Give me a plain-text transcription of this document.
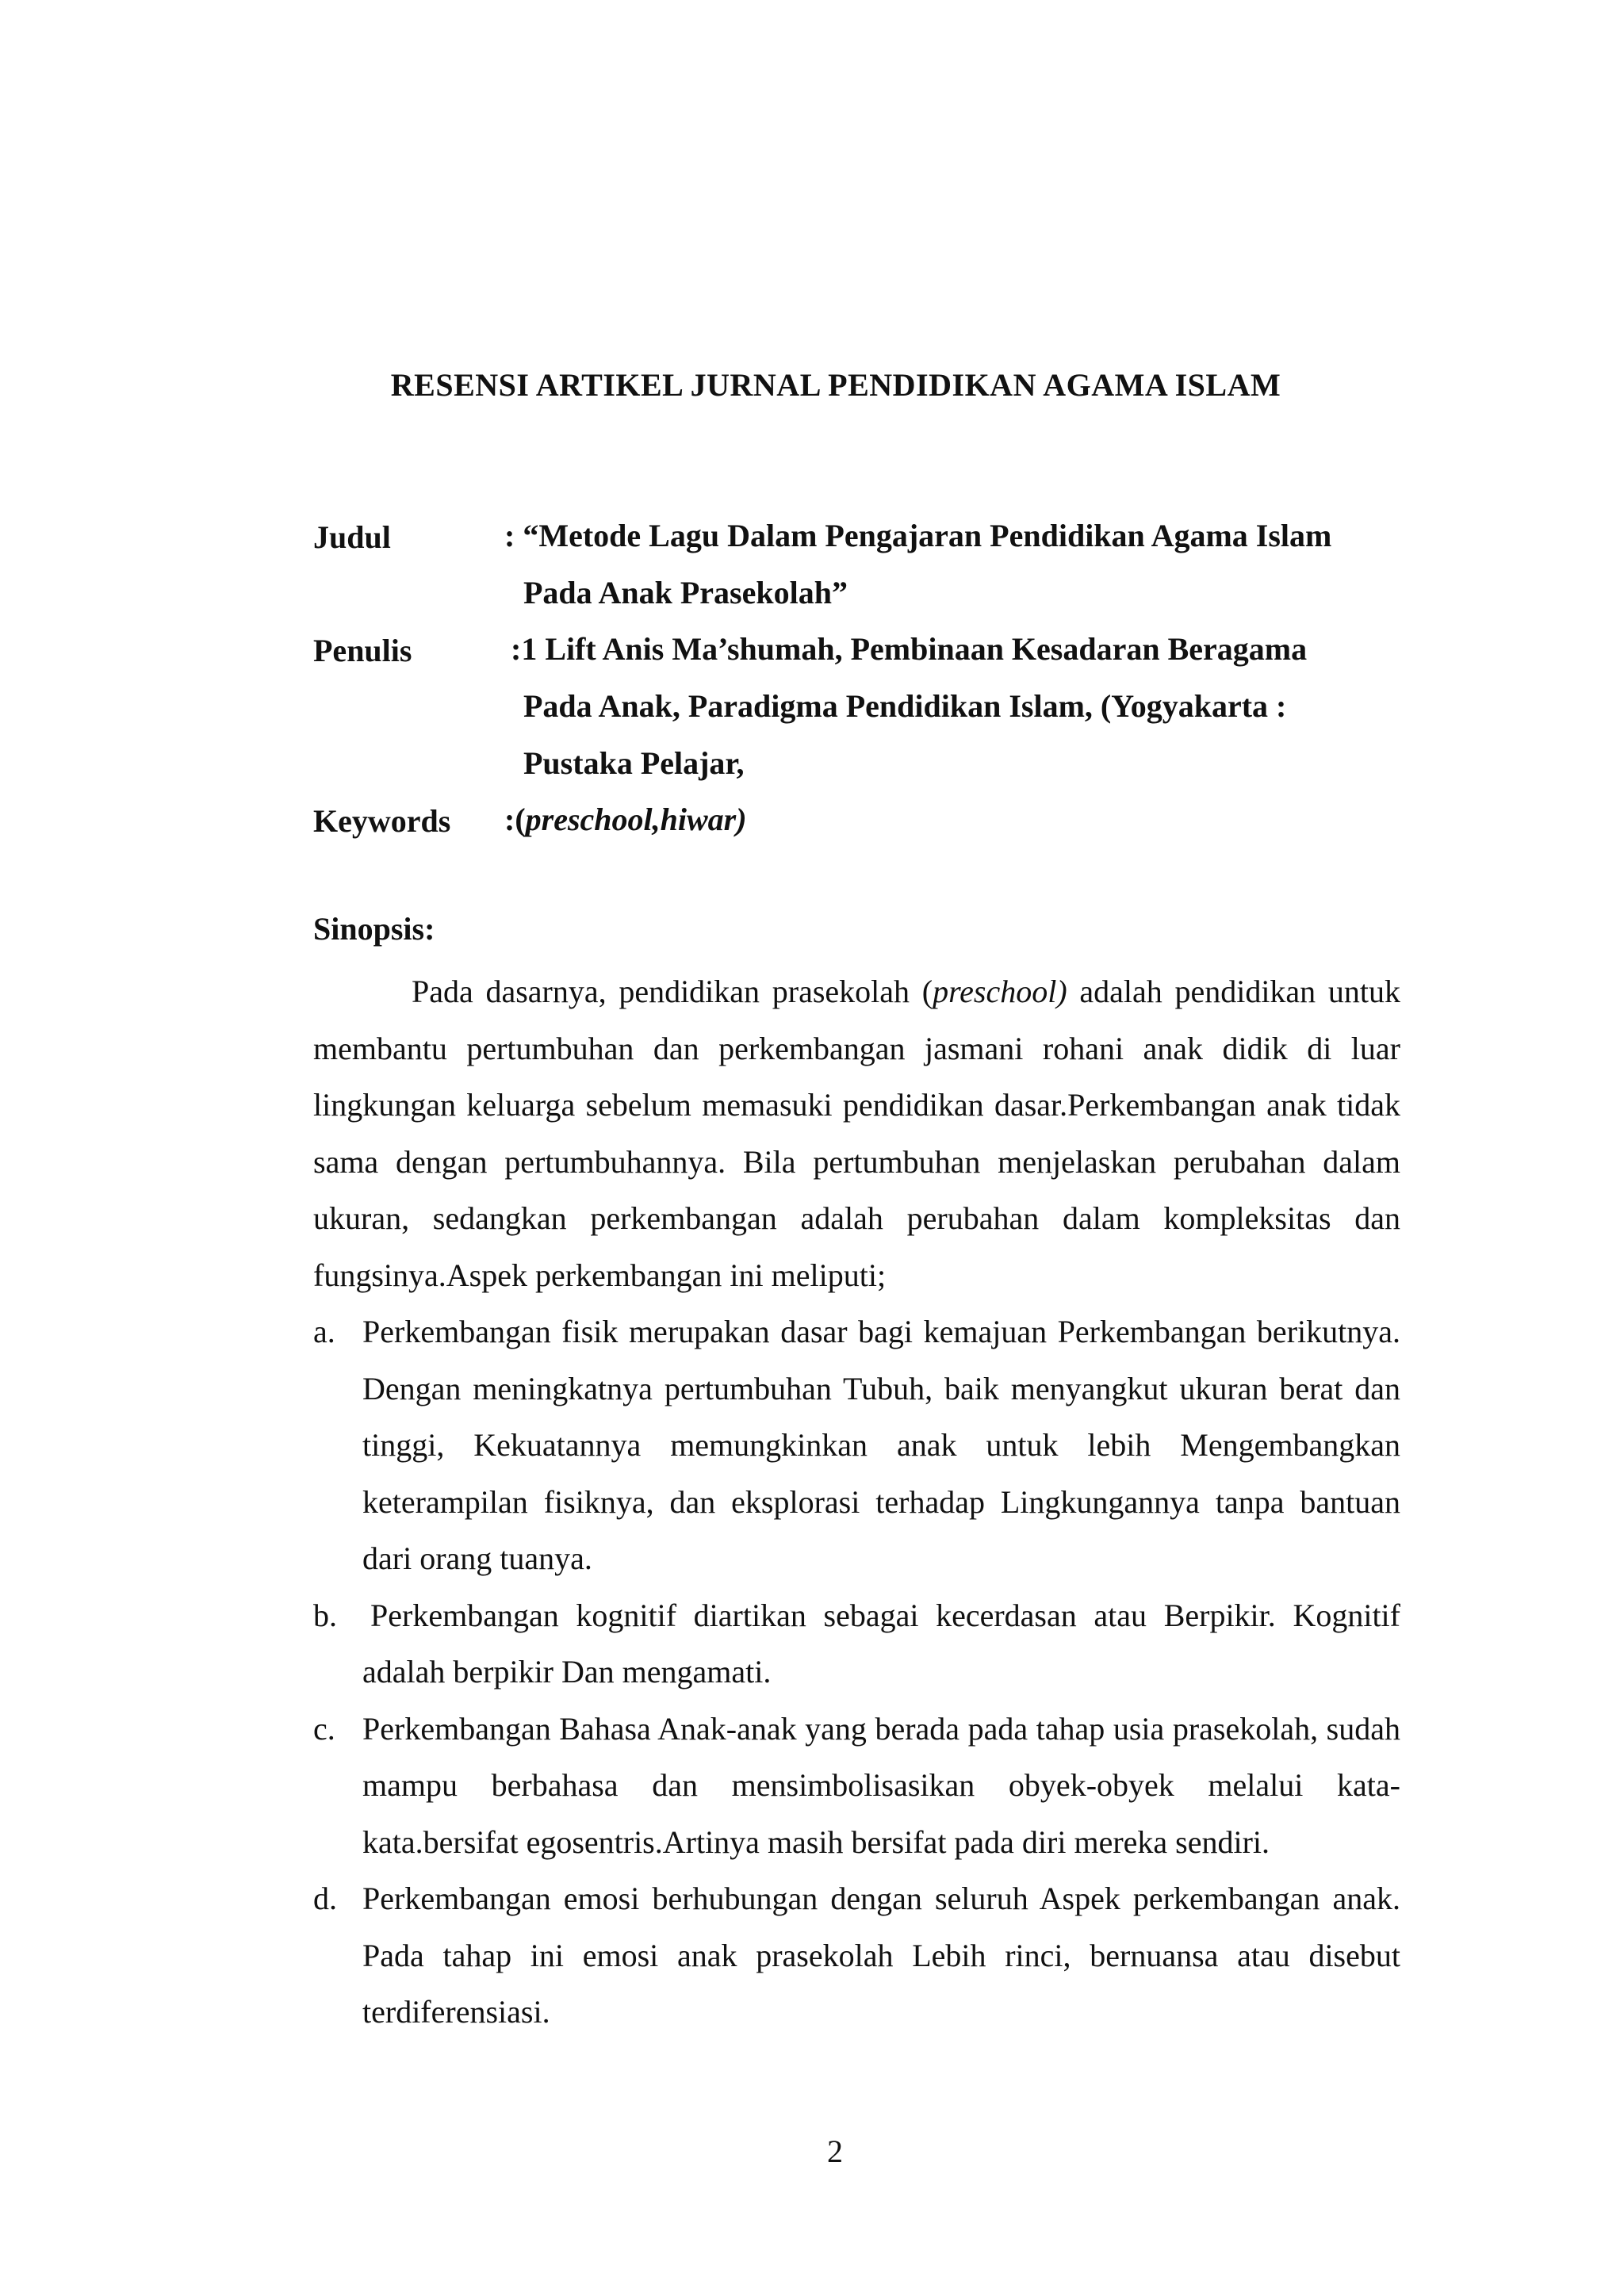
RESENSI ARTIKEL JURNAL PENDIDIKAN AGAMA ISLAM
Judul	: “Metode Lagu Dalam Pengajaran Pendidikan Agama Islam
Pada Anak Prasekolah”
Penulis	:1 Lift Anis Ma’shumah, Pembinaan Kesadaran Beragama
Pada Anak, Paradigma Pendidikan Islam, (Yogyakarta :
Pustaka Pelajar,
Keywords :(preschool,hiwar)
Sinopsis:

Pada dasarnya, pendidikan prasekolah (preschool) adalah pendidikan untuk membantu pertumbuhan dan perkembangan jasmani rohani anak didik di luar lingkungan keluarga sebelum memasuki pendidikan dasar.Perkembangan anak tidak sama dengan pertumbuhannya. Bila pertumbuhan menjelaskan perubahan dalam ukuran, sedangkan perkembangan adalah perubahan dalam kompleksitas dan fungsinya.Aspek perkembangan ini meliputi;

a. Perkembangan fisik merupakan dasar bagi kemajuan Perkembangan berikutnya. Dengan meningkatnya pertumbuhan Tubuh, baik menyangkut ukuran berat dan tinggi, Kekuatannya memungkinkan anak untuk lebih Mengembangkan keterampilan fisiknya, dan eksplorasi terhadap Lingkungannya tanpa bantuan dari orang tuanya.
b.	Perkembangan kognitif diartikan sebagai kecerdasan atau Berpikir. Kognitif adalah berpikir Dan mengamati.
c. Perkembangan Bahasa Anak-anak yang berada pada tahap usia prasekolah, sudah mampu berbahasa dan mensimbolisasikan obyek-obyek melalui kata-kata.bersifat egosentris.Artinya masih bersifat pada diri mereka sendiri.
d. Perkembangan emosi berhubungan dengan seluruh Aspek perkembangan anak. Pada tahap ini emosi anak prasekolah Lebih rinci, bernuansa atau disebut terdiferensiasi.
2
